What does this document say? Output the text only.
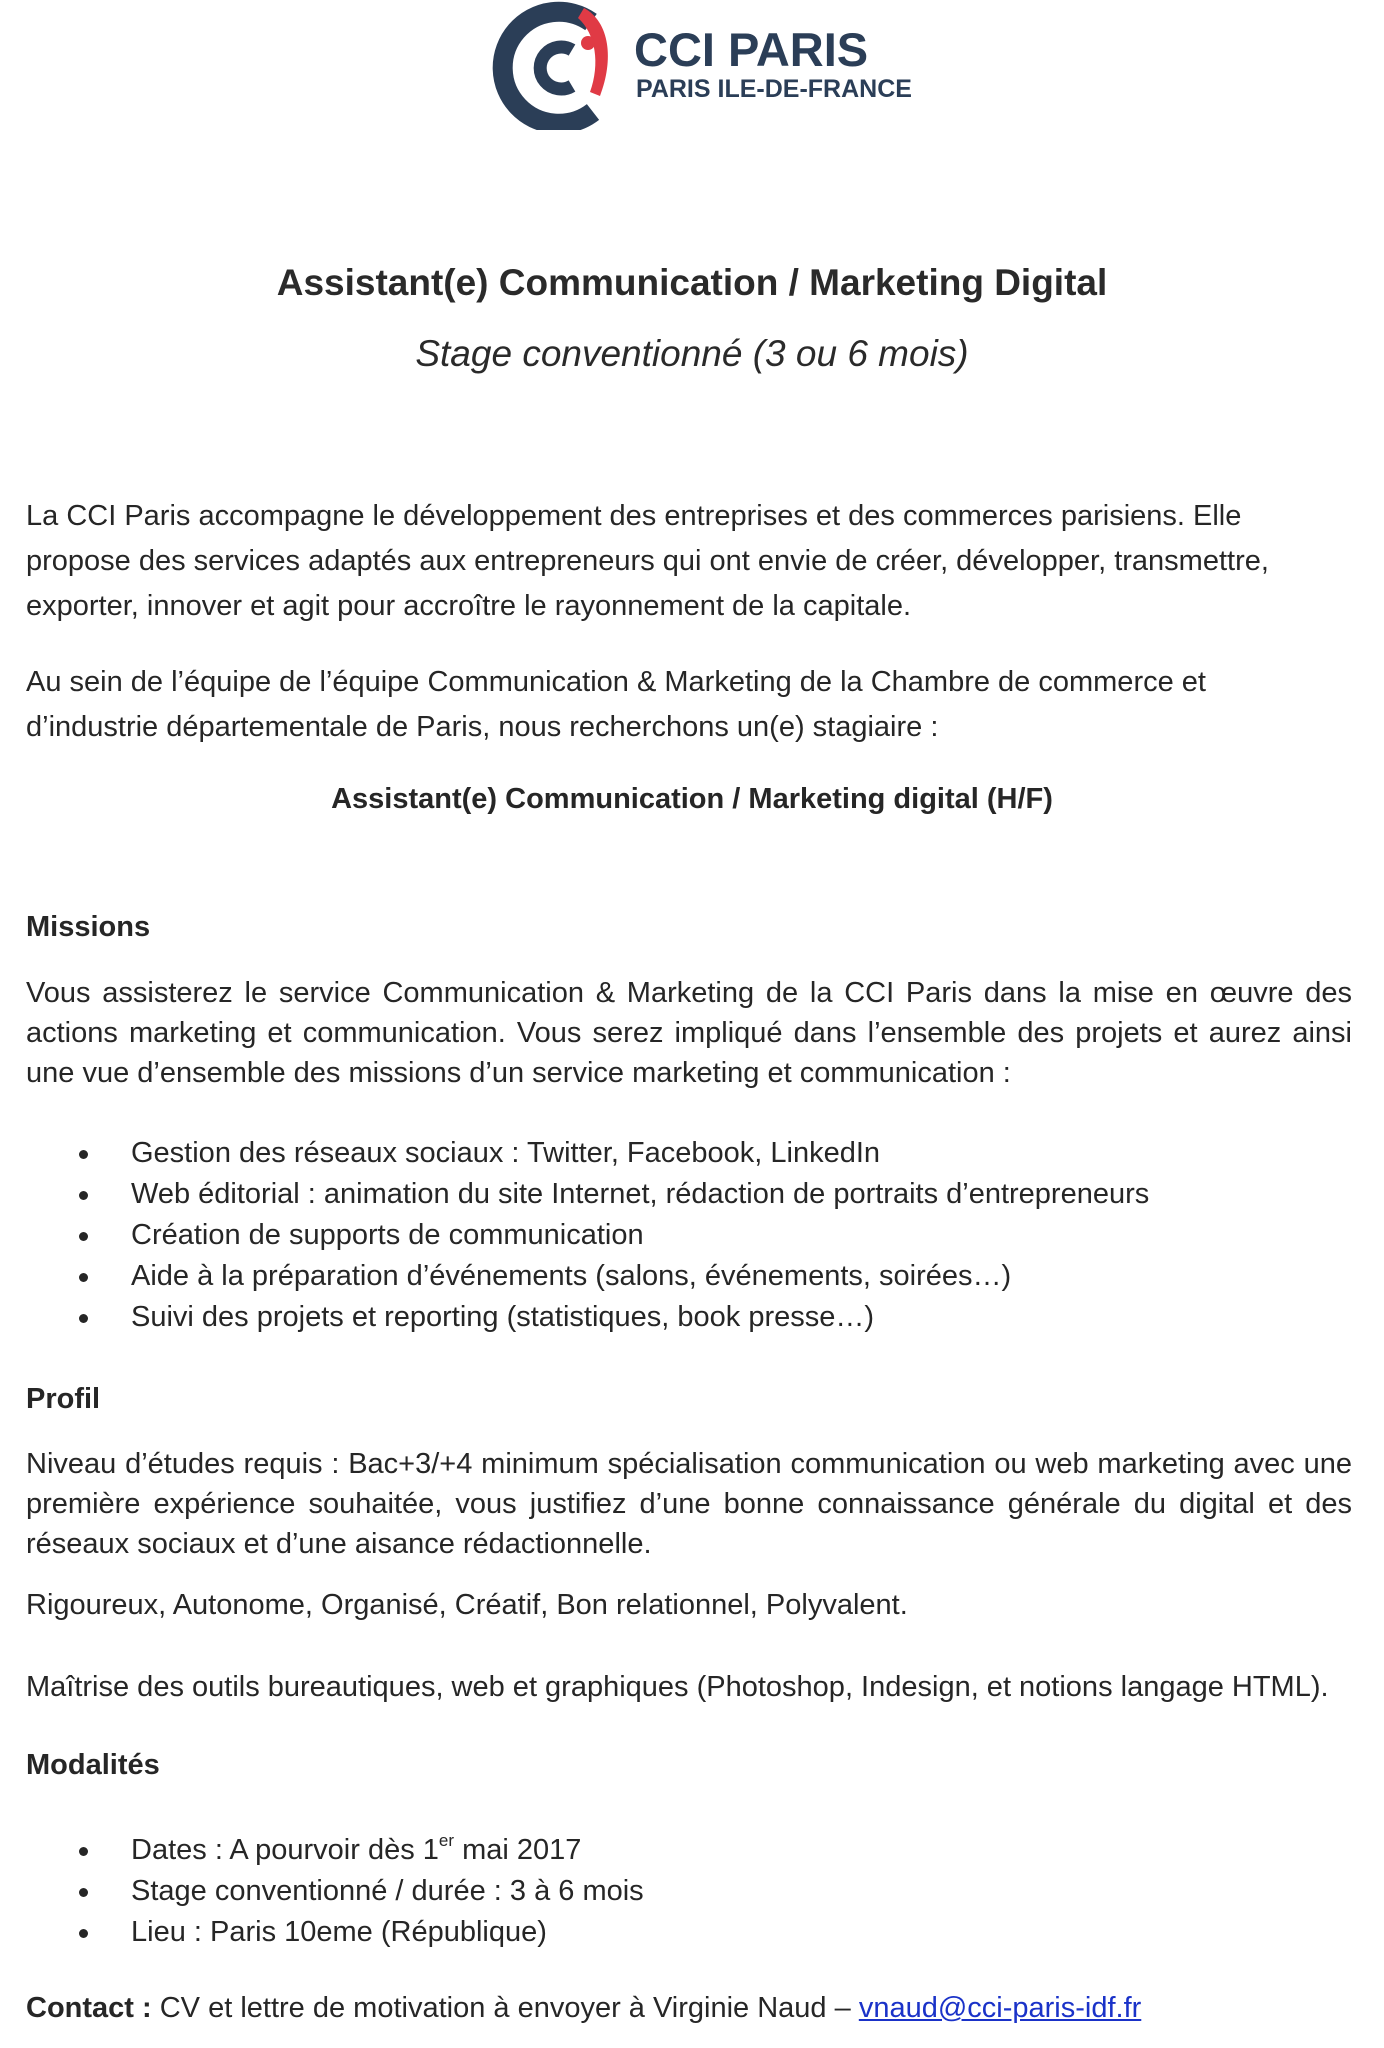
CCI PARIS
PARIS ILE-DE-FRANCE
Assistant(e) Communication / Marketing Digital
Stage conventionné (3 ou 6 mois)

La CCI Paris accompagne le développement des entreprises et des commerces parisiens. Elle propose des services adaptés aux entrepreneurs qui ont envie de créer, développer, transmettre, exporter, innover et agit pour accroître le rayonnement de la capitale.

Au sein de l’équipe de l’équipe Communication & Marketing de la Chambre de commerce et
d’industrie départementale de Paris, nous recherchons un(e) stagiaire :
Assistant(e) Communication / Marketing digital (H/F)
Missions

Vous assisterez le service Communication & Marketing de la CCI Paris dans la mise en œuvre des actions marketing et communication. Vous serez impliqué dans l’ensemble des projets et aurez ainsi une vue d’ensemble des missions d’un service marketing et communication :

Gestion des réseaux sociaux : Twitter, Facebook, LinkedIn
Web éditorial : animation du site Internet, rédaction de portraits d’entrepreneurs
Création de supports de communication
Aide à la préparation d’événements (salons, événements, soirées…)
Suivi des projets et reporting (statistiques, book presse…)
Profil

Niveau d’études requis : Bac+3/+4 minimum spécialisation communication ou web marketing avec une première expérience souhaitée, vous justifiez d’une bonne connaissance générale du digital et des réseaux sociaux et d’une aisance rédactionnelle.

Rigoureux, Autonome, Organisé, Créatif, Bon relationnel, Polyvalent.

Maîtrise des outils bureautiques, web et graphiques (Photoshop, Indesign, et notions langage HTML).

Modalités
Dates : A pourvoir dès 1er mai 2017
Stage conventionné / durée : 3 à 6 mois
Lieu : Paris 10eme (République)
Contact : CV et lettre de motivation à envoyer à Virginie Naud – vnaud@cci-paris-idf.fr
